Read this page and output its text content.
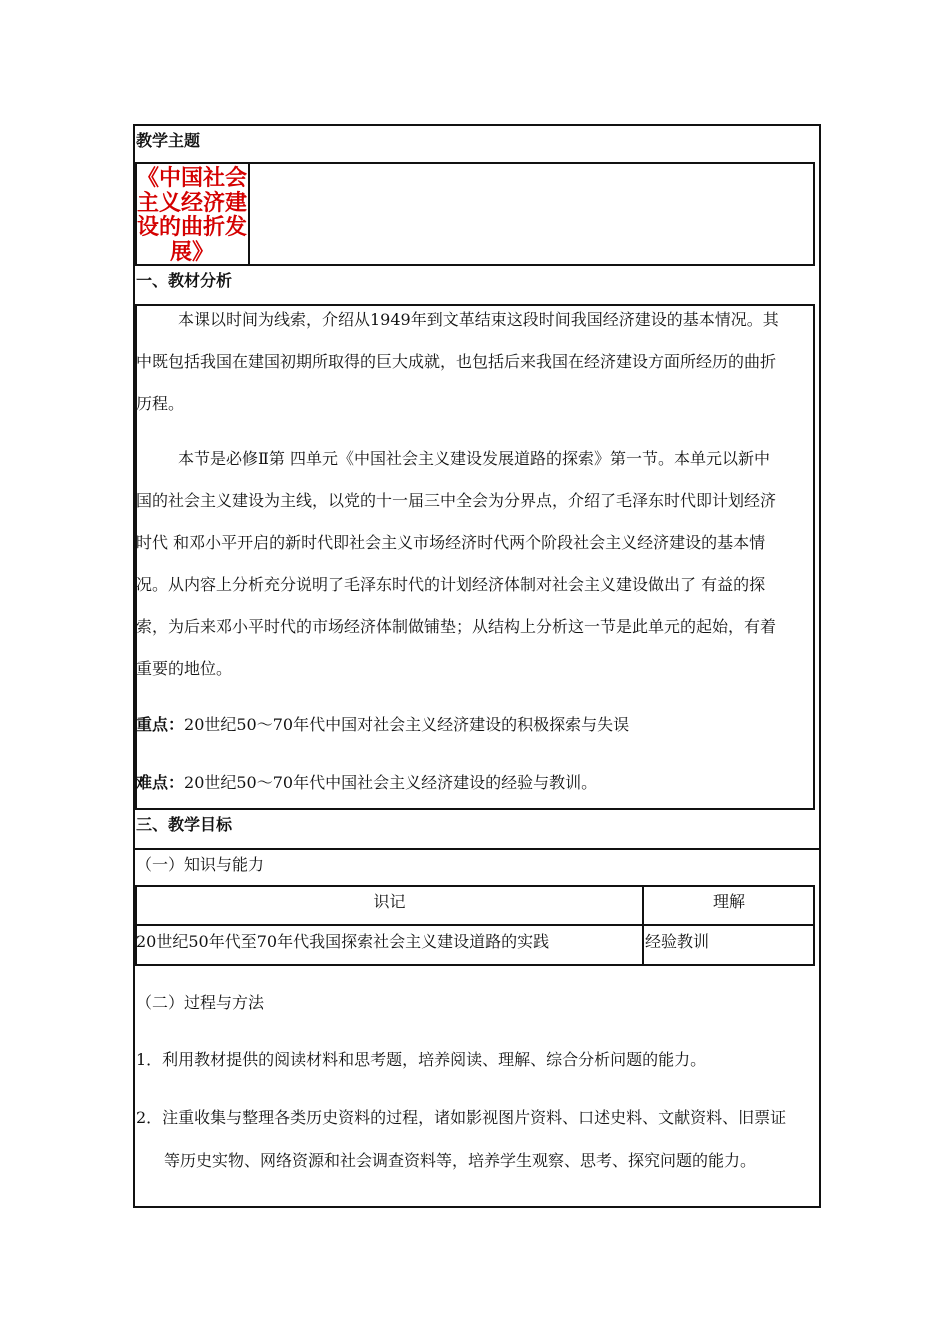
教学主题
《中国社会
主义经济建
设的曲折发
展》
一、教材分析
本课以时间为线索，介绍从1949年到文革结束这段时间我国经济建设的基本情况。其
中既包括我国在建国初期所取得的巨大成就，也包括后来我国在经济建设方面所经历的曲折
历程。
本节是必修Ⅱ第 四单元《中国社会主义建设发展道路的探索》第一节。本单元以新中
国的社会主义建设为主线，以党的十一届三中全会为分界点，介绍了毛泽东时代即计划经济
时代 和邓小平开启的新时代即社会主义市场经济时代两个阶段社会主义经济建设的基本情
况。从内容上分析充分说明了毛泽东时代的计划经济体制对社会主义建设做出了 有益的探
索，为后来邓小平时代的市场经济体制做铺垫；从结构上分析这一节是此单元的起始，有着
重要的地位。
重点：20世纪50～70年代中国对社会主义经济建设的积极探索与失误
难点：20世纪50～70年代中国社会主义经济建设的经验与教训。
三、教学目标
（一）知识与能力
识记	理解
20世纪50年代至70年代我国探索社会主义建设道路的实践	经验教训
（二）过程与方法
1．利用教材提供的阅读材料和思考题，培养阅读、理解、综合分析问题的能力。
2．注重收集与整理各类历史资料的过程，诸如影视图片资料、口述史料、文献资料、旧票证
等历史实物、网络资源和社会调查资料等，培养学生观察、思考、探究问题的能力。
